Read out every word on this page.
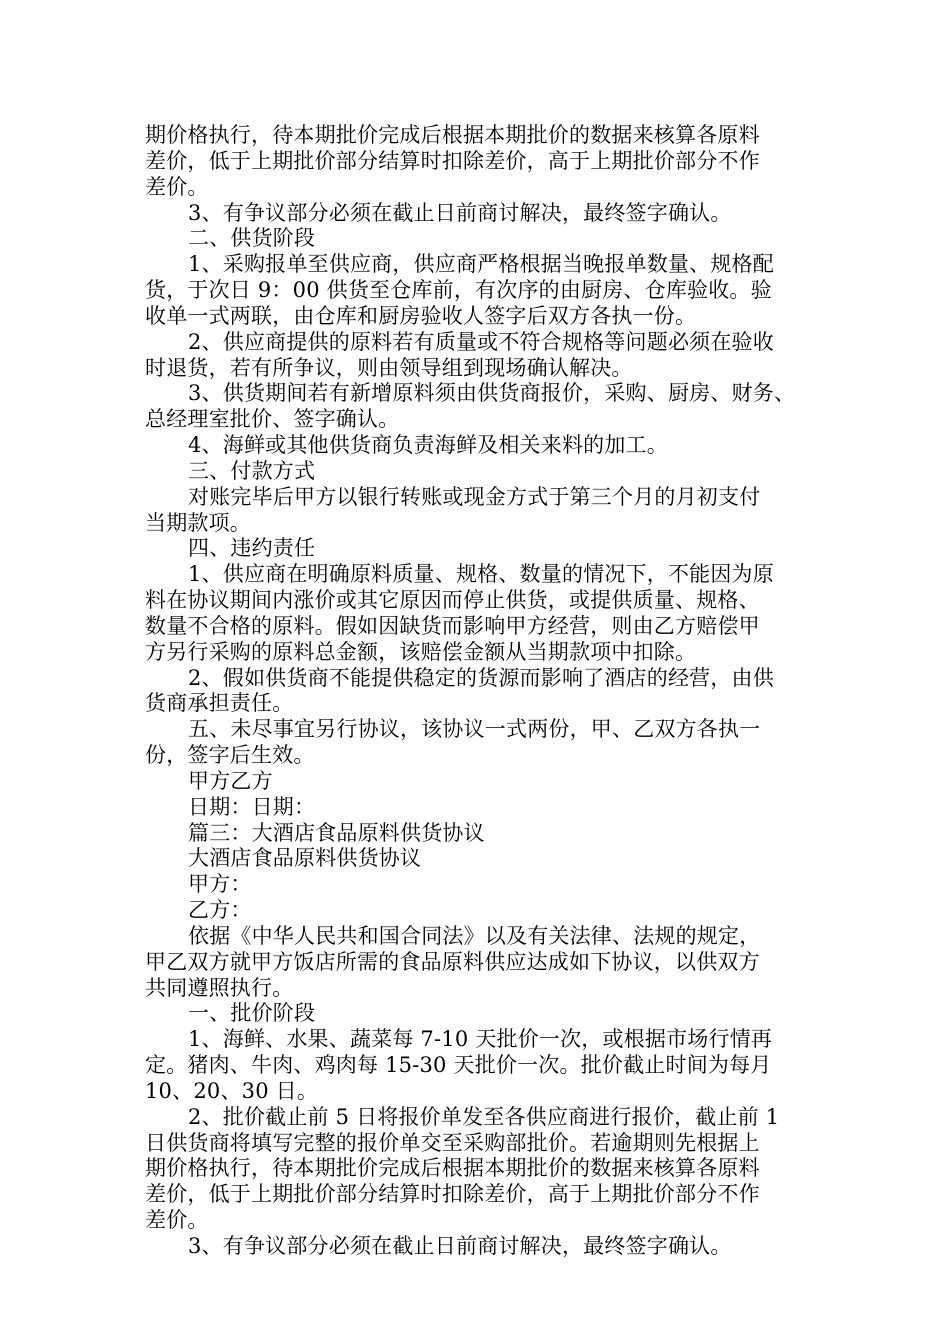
期价格执行，待本期批价完成后根据本期批价的数据来核算各原料
差价，低于上期批价部分结算时扣除差价，高于上期批价部分不作
差价。
3、有争议部分必须在截止日前商讨解决，最终签字确认。
二、供货阶段
1、采购报单至供应商，供应商严格根据当晚报单数量、规格配
货，于次日 9：00 供货至仓库前，有次序的由厨房、仓库验收。验
收单一式两联，由仓库和厨房验收人签字后双方各执一份。
2、供应商提供的原料若有质量或不符合规格等问题必须在验收
时退货，若有所争议，则由领导组到现场确认解决。
3、供货期间若有新增原料须由供货商报价，采购、厨房、财务、
总经理室批价、签字确认。
4、海鲜或其他供货商负责海鲜及相关来料的加工。
三、付款方式
对账完毕后甲方以银行转账或现金方式于第三个月的月初支付
当期款项。
四、违约责任
1、供应商在明确原料质量、规格、数量的情况下，不能因为原
料在协议期间内涨价或其它原因而停止供货，或提供质量、规格、
数量不合格的原料。假如因缺货而影响甲方经营，则由乙方赔偿甲
方另行采购的原料总金额，该赔偿金额从当期款项中扣除。
2、假如供货商不能提供稳定的货源而影响了酒店的经营，由供
货商承担责任。
五、未尽事宜另行协议，该协议一式两份，甲、乙双方各执一
份，签字后生效。
甲方乙方
日期：日期：
篇三：大酒店食品原料供货协议
大酒店食品原料供货协议
甲方：
乙方：
依据《中华人民共和国合同法》以及有关法律、法规的规定，
甲乙双方就甲方饭店所需的食品原料供应达成如下协议，以供双方
共同遵照执行。
一、批价阶段
1、海鲜、水果、蔬菜每 7-10 天批价一次，或根据市场行情再
定。猪肉、牛肉、鸡肉每 15-30 天批价一次。批价截止时间为每月
10、20、30 日。
2、批价截止前 5 日将报价单发至各供应商进行报价，截止前 1
日供货商将填写完整的报价单交至采购部批价。若逾期则先根据上
期价格执行，待本期批价完成后根据本期批价的数据来核算各原料
差价，低于上期批价部分结算时扣除差价，高于上期批价部分不作
差价。
3、有争议部分必须在截止日前商讨解决，最终签字确认。
